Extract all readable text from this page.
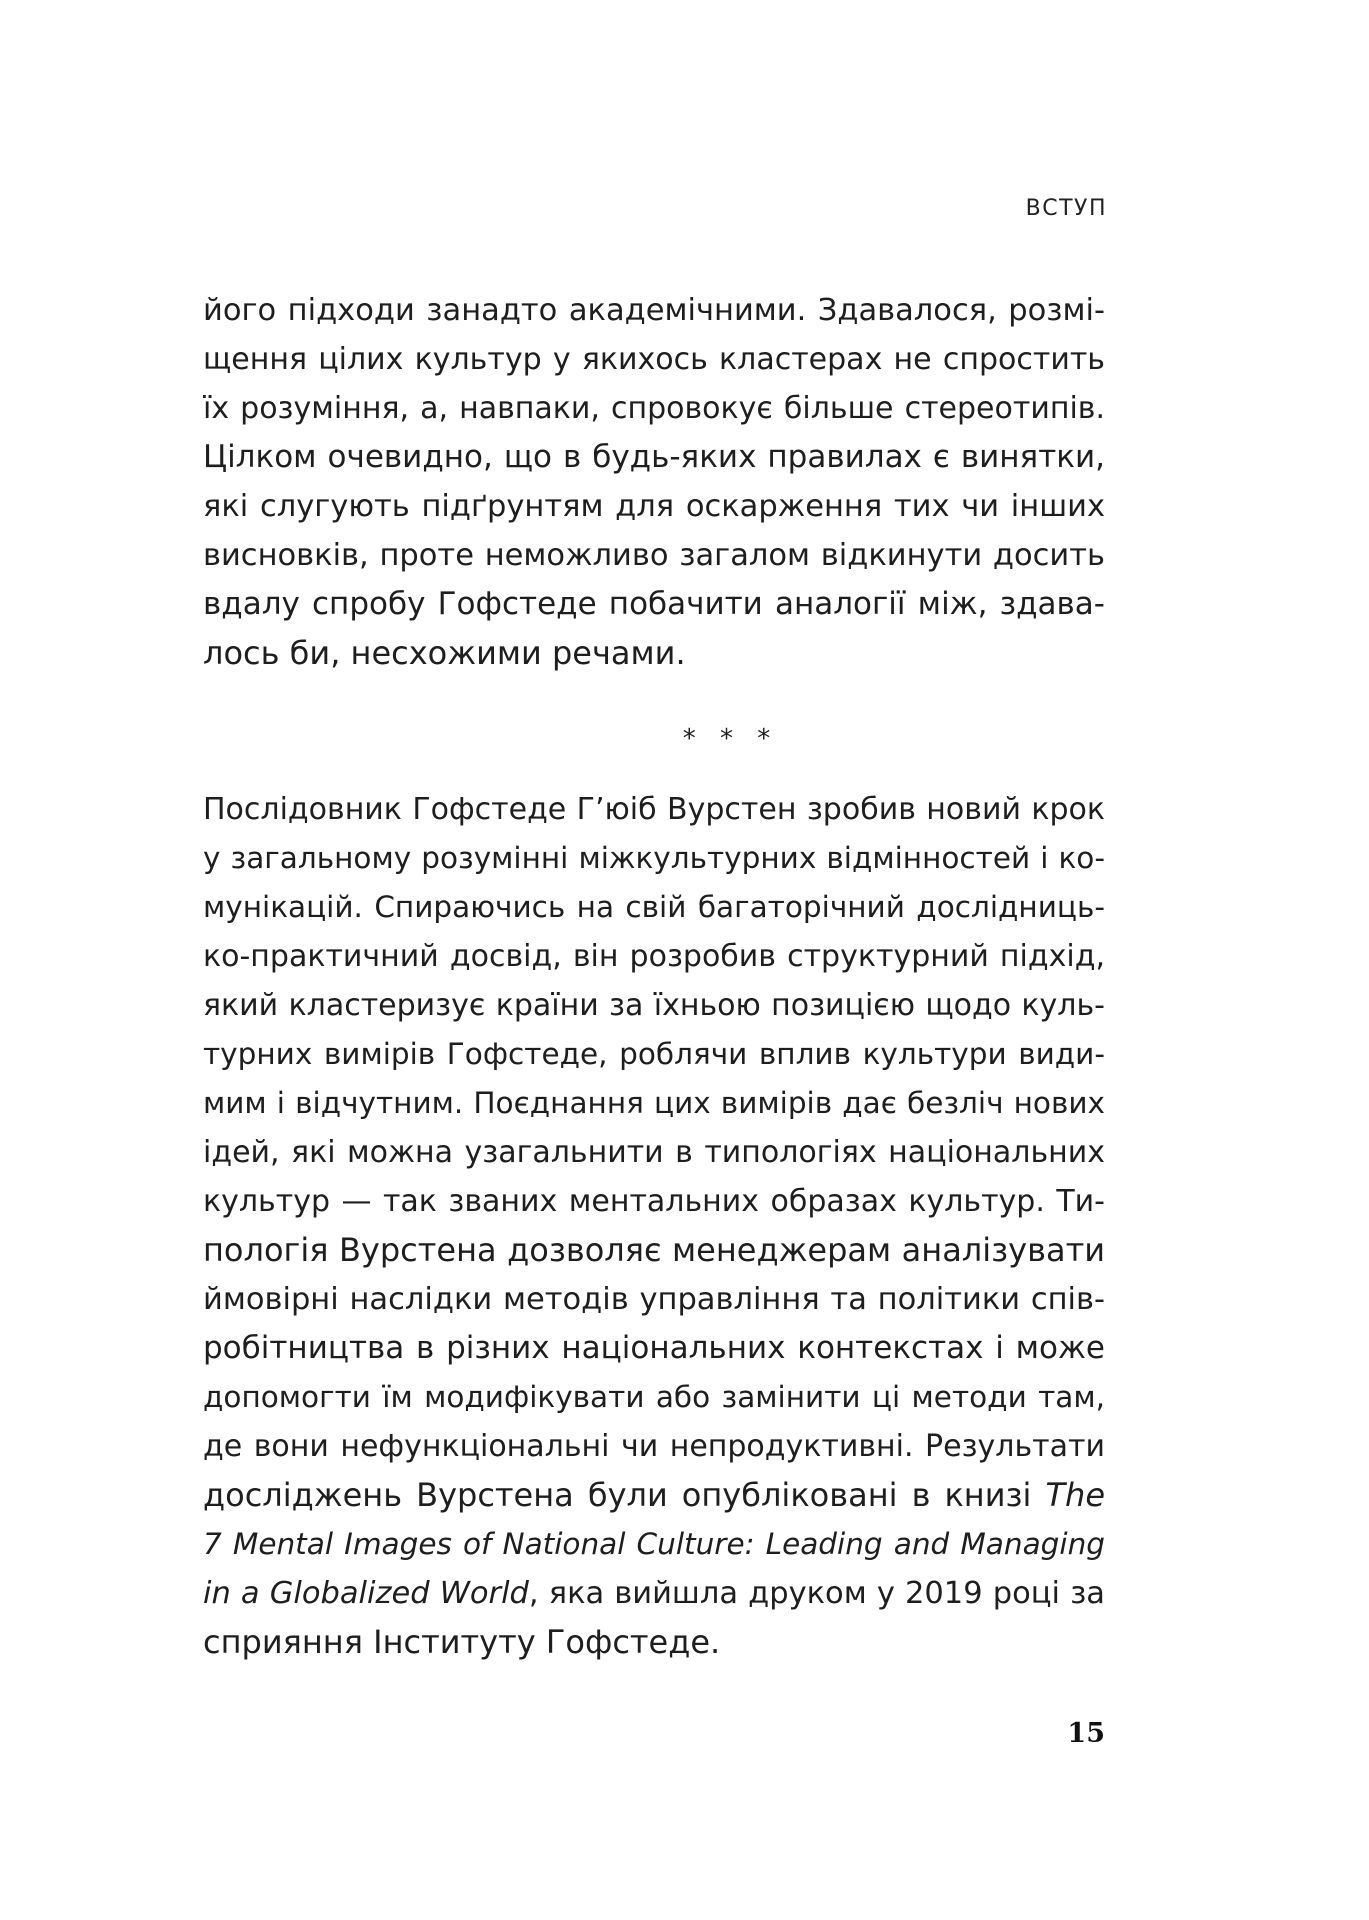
ВСТУП
його підходи занадто академічними. Здавалося, розмі-
щення цілих культур у якихось кластерах не спростить
їх розуміння, а, навпаки, спровокує більше стереотипів.
Цілком очевидно, що в будь-яких правилах є винятки,
які слугують підґрунтям для оскарження тих чи інших
висновків, проте неможливо загалом відкинути досить
вдалу спробу Гофстеде побачити аналогії між, здава-
лось би, несхожими речами.
* * *
Послідовник Гофстеде Г’юіб Вурстен зробив новий крок
у загальному розумінні міжкультурних відмінностей і ко-
мунікацій. Спираючись на свій багаторічний дослідниць-
ко-практичний досвід, він розробив структурний підхід,
який кластеризує країни за їхньою позицією щодо куль-
турних вимірів Гофстеде, роблячи вплив культури види-
мим і відчутним. Поєднання цих вимірів дає безліч нових
ідей, які можна узагальнити в типологіях національних
культур — так званих ментальних образах культур. Ти-
пологія Вурстена дозволяє менеджерам аналізувати
ймовірні наслідки методів управління та політики спів-
робітництва в різних національних контекстах і може
допомогти їм модифікувати або замінити ці методи там,
де вони нефункціональні чи непродуктивні. Результати
досліджень Вурстена були опубліковані в книзі The
7 Mental Images of National Culture: Leading and Managing
in a Globalized World, яка вийшла друком у 2019 році за
сприяння Інституту Гофстеде.
15
